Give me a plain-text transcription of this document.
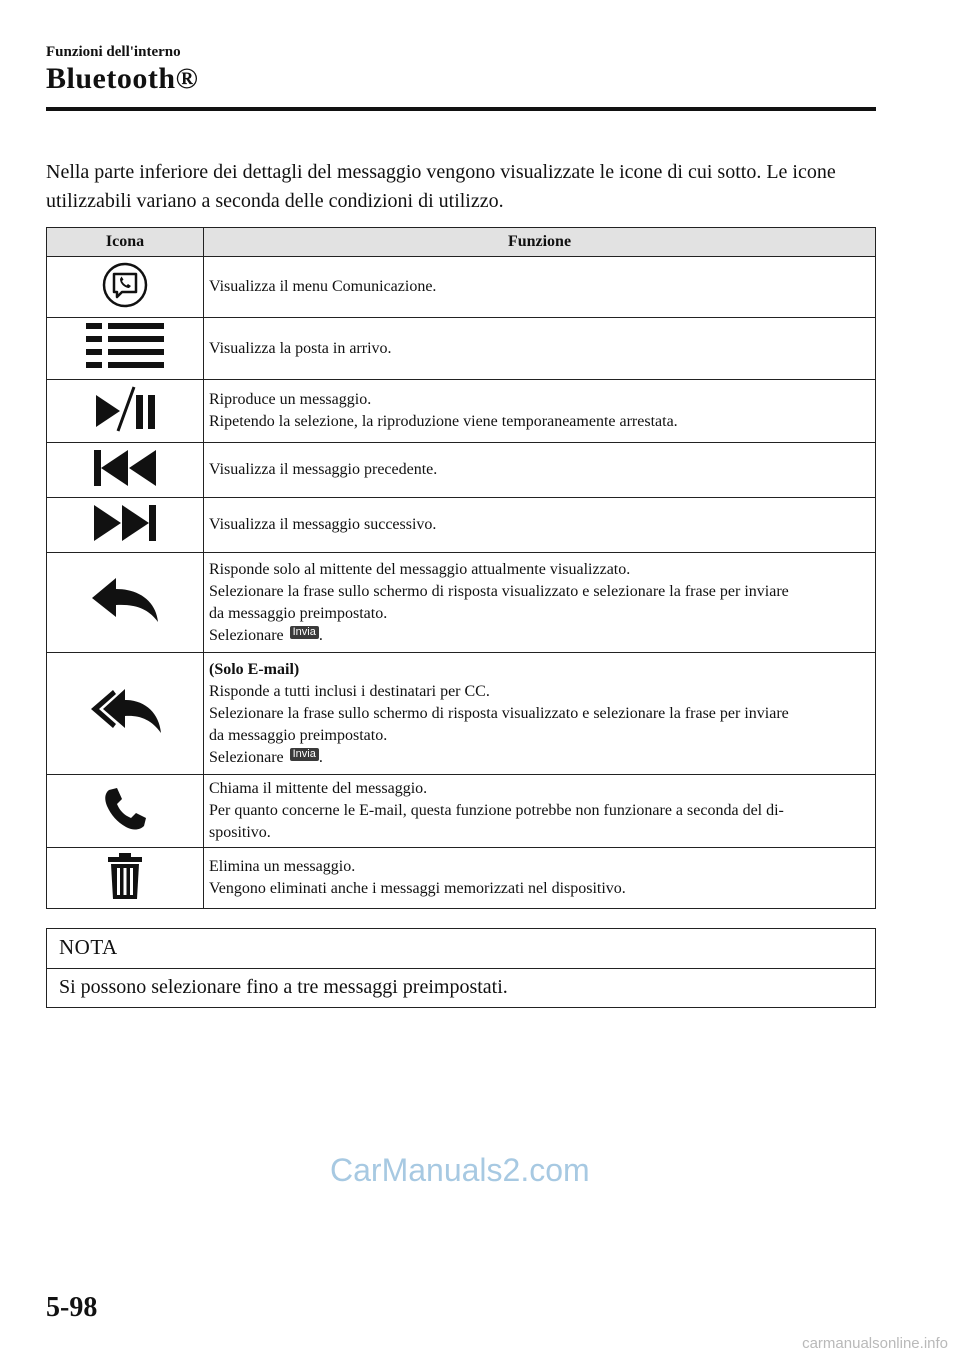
Funzioni dell'interno
Bluetooth®
Nella parte inferiore dei dettagli del messaggio vengono visualizzate le icone di cui sotto. Le icone utilizzabili variano a seconda delle condizioni di utilizzo.
Icona	Funzione

Visualizza il menu Comunicazione.

Visualizza la posta in arrivo.

Riproduce un messaggio.
Ripetendo la selezione, la riproduzione viene temporaneamente arrestata.

Visualizza il messaggio precedente.

Visualizza il messaggio successivo.

Risponde solo al mittente del messaggio attualmente visualizzato.
Selezionare la frase sullo schermo di risposta visualizzato e selezionare la frase per inviare
da messaggio preimpostato.
Selezionare Invia .

(Solo E-mail)
Risponde a tutti inclusi i destinatari per CC.
Selezionare la frase sullo schermo di risposta visualizzato e selezionare la frase per inviare
da messaggio preimpostato.
Selezionare Invia .

Chiama il mittente del messaggio.
Per quanto concerne le E-mail, questa funzione potrebbe non funzionare a seconda del di-
spositivo.

Elimina un messaggio.
Vengono eliminati anche i messaggi memorizzati nel dispositivo.
NOTA
Si possono selezionare fino a tre messaggi preimpostati.
CarManuals2.com
5-98
carmanualsonline.info
